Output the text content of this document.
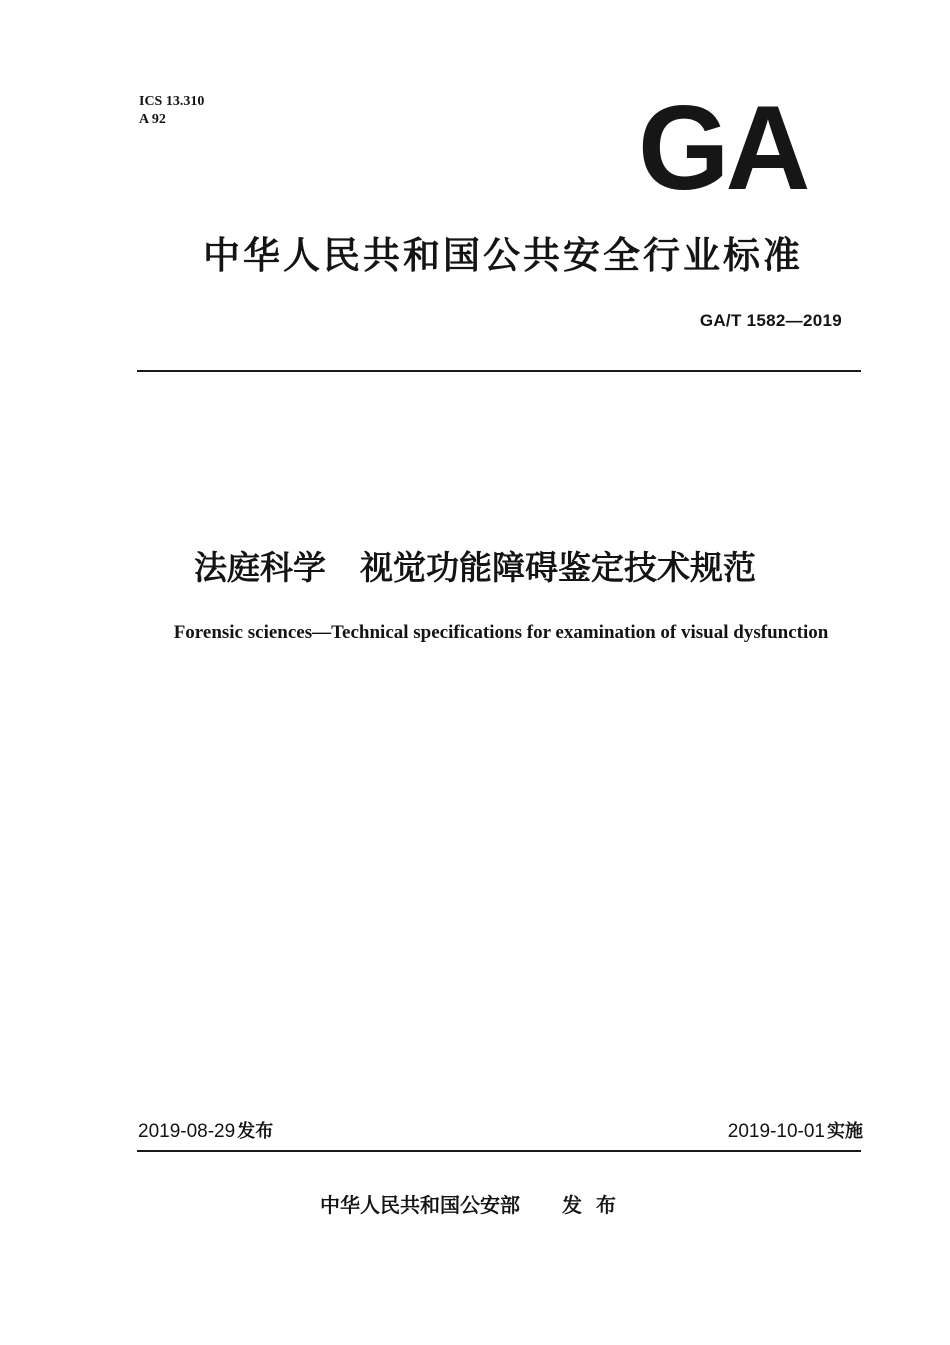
ICS 13.310
A 92	GA
中华人民共和国公共安全行业标准
GA/T 1582—2019
法庭科学 视觉功能障碍鉴定技术规范
Forensic sciences—Technical specifications for examination of visual dysfunction
2019-08-29 发布	2019-10-01 实施
中华人民共和国公安部 发布
